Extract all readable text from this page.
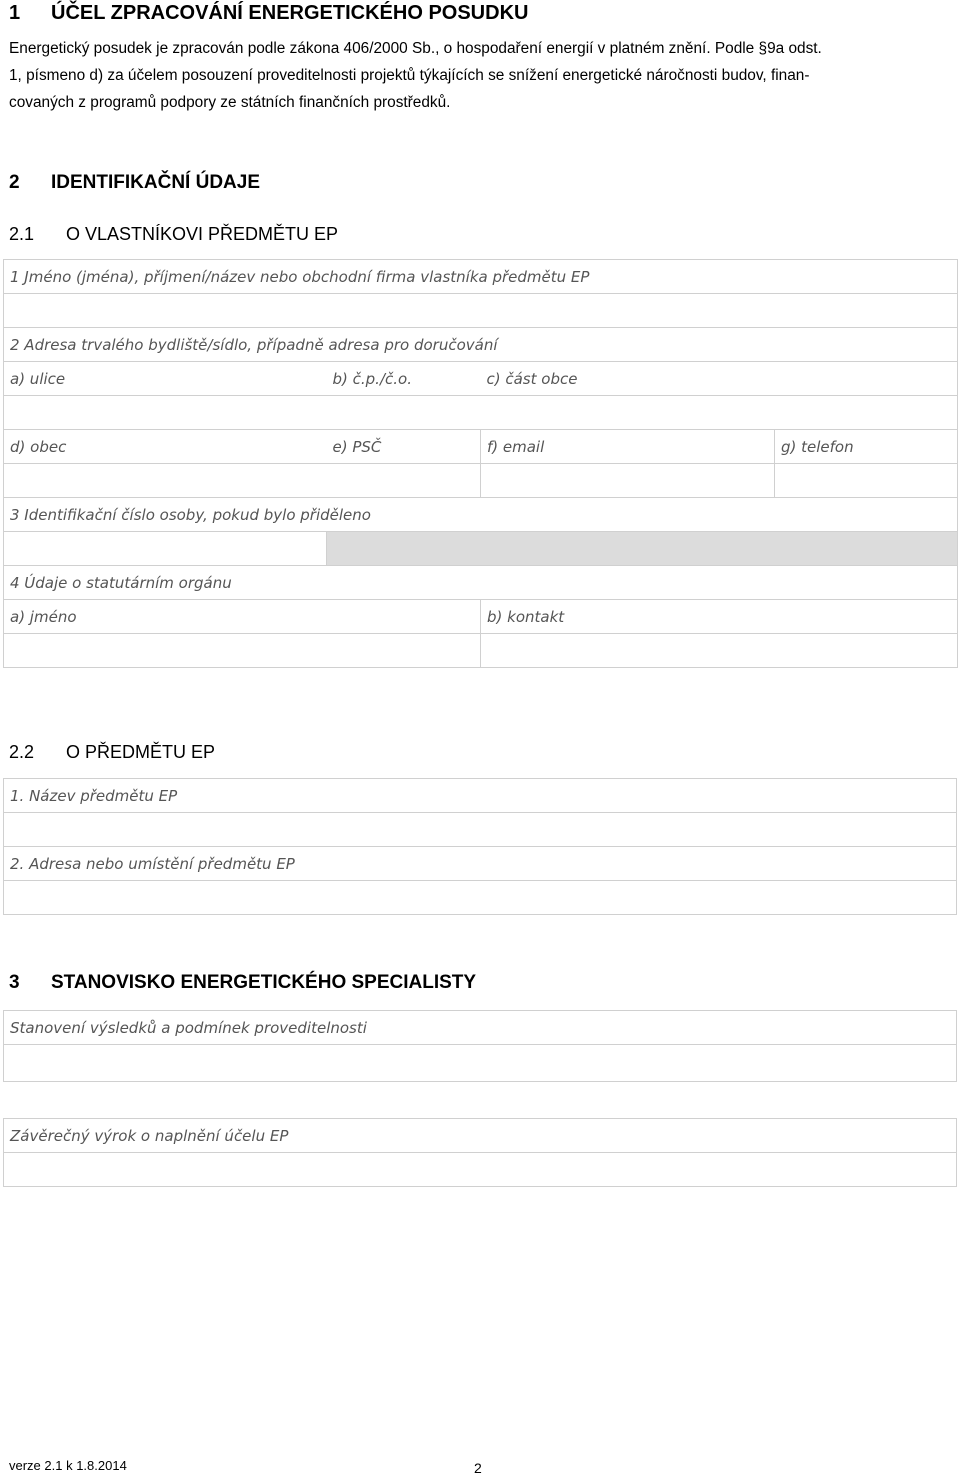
1 ÚČEL ZPRACOVÁNÍ ENERGETICKÉHO POSUDKU
Energetický posudek je zpracován podle zákona 406/2000 Sb., o hospodaření energií v platném znění. Podle §9a odst.
1, písmeno d) za účelem posouzení proveditelnosti projektů týkajících se snížení energetické náročnosti budov, finan-
covaných z programů podpory ze státních finančních prostředků.
2 IDENTIFIKAČNÍ ÚDAJE
2.1 O VLASTNÍKOVI PŘEDMĚTU EP
1 Jméno (jména), příjmení/název nebo obchodní firma vlastníka předmětu EP			

2 Adresa trvalého bydliště/sídlo, případně adresa pro doručování			
a) ulice	b) č.p./č.o.	c) část obce	

d) obec	e) PSČ	f) email	g) telefon

3 Identifikační číslo osoby, pokud bylo přiděleno			

4 Údaje o statutárním orgánu			
a) jméno		b) kontakt	

2.2 O PŘEDMĚTU EP
1. Název předmětu EP

2. Adresa nebo umístění předmětu EP

3 STANOVISKO ENERGETICKÉHO SPECIALISTY
Stanovení výsledků a podmínek proveditelnosti

Závěrečný výrok o naplnění účelu EP

verze 2.1 k 1.8.2014	2
